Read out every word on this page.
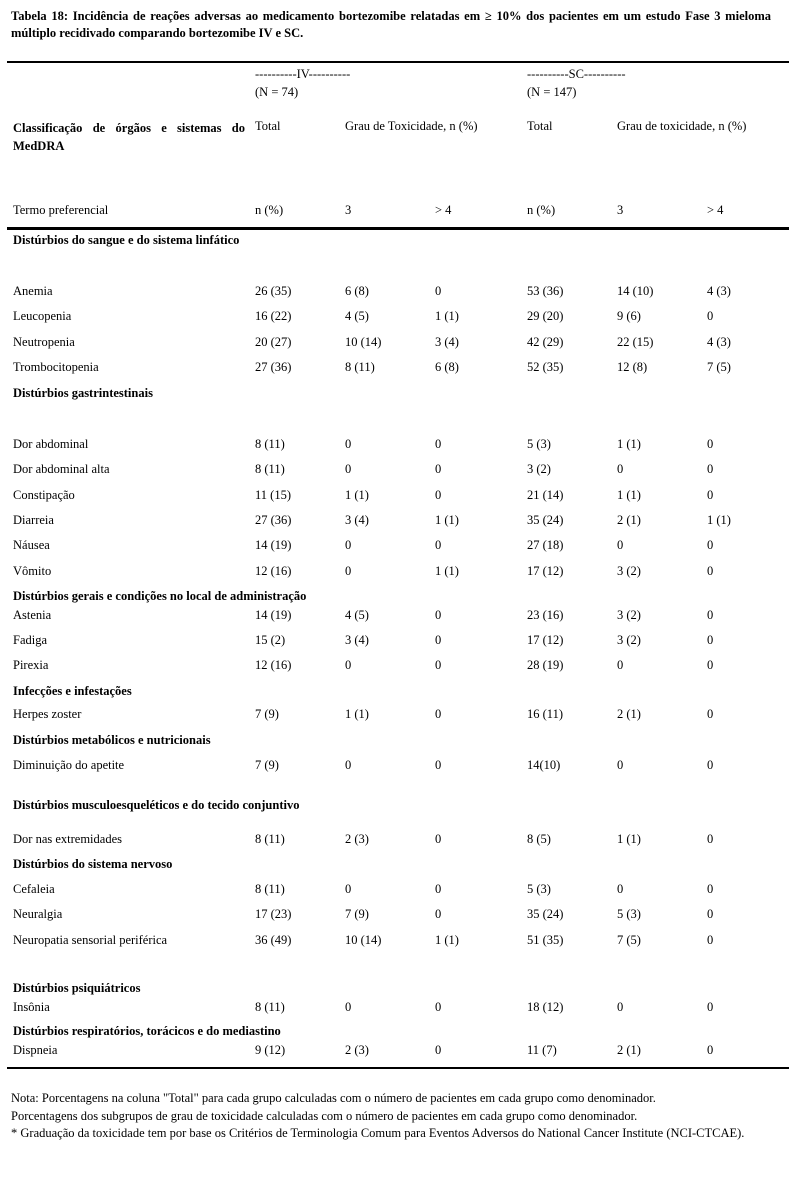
Tabela 18: Incidência de reações adversas ao medicamento bortezomibe relatadas em ≥ 10% dos pacientes em um estudo Fase 3 mieloma múltiplo recidivado comparando bortezomibe IV e SC.
----------IV----------
(N = 74)
----------SC----------
(N = 147)
Classificação de órgãos e sistemas do MedDRA
Total	Grau de Toxicidade, n (%)	Total	Grau de toxicidade, n (%)
Termo preferencial	n (%)	3	> 4	n (%)	3	> 4
Distúrbios do sangue e do sistema linfático
Anemia	26 (35)	6 (8)	0	53 (36)	14 (10)	4 (3)
Leucopenia	16 (22)	4 (5)	1 (1)	29 (20)	9 (6)	0
Neutropenia	20 (27)	10 (14)	3 (4)	42 (29)	22 (15)	4 (3)
Trombocitopenia	27 (36)	8 (11)	6 (8)	52 (35)	12 (8)	7 (5)
Distúrbios gastrintestinais
Dor abdominal	8 (11)	0	0	5 (3)	1 (1)	0
Dor abdominal alta	8 (11)	0	0	3 (2)	0	0
Constipação	11 (15)	1 (1)	0	21 (14)	1 (1)	0
Diarreia	27 (36)	3 (4)	1 (1)	35 (24)	2 (1)	1 (1)
Náusea	14 (19)	0	0	27 (18)	0	0
Vômito	12 (16)	0	1 (1)	17 (12)	3 (2)	0
Distúrbios gerais e condições no local de administração
Astenia	14 (19)	4 (5)	0	23 (16)	3 (2)	0
Fadiga	15 (2)	3 (4)	0	17 (12)	3 (2)	0
Pirexia	12 (16)	0	0	28 (19)	0	0
Infecções e infestações
Herpes zoster	7 (9)	1 (1)	0	16 (11)	2 (1)	0
Distúrbios metabólicos e nutricionais
Diminuição do apetite	7 (9)	0	0	14(10)	0	0
Distúrbios musculoesqueléticos e do tecido conjuntivo
Dor nas extremidades	8 (11)	2 (3)	0	8 (5)	1 (1)	0
Distúrbios do sistema nervoso
Cefaleia	8 (11)	0	0	5 (3)	0	0
Neuralgia	17 (23)	7 (9)	0	35 (24)	5 (3)	0
Neuropatia sensorial periférica	36 (49)	10 (14)	1 (1)	51 (35)	7 (5)	0
Distúrbios psiquiátricos
Insônia	8 (11)	0	0	18 (12)	0	0
Distúrbios respiratórios, torácicos e do mediastino
Dispneia	9 (12)	2 (3)	0	11 (7)	2 (1)	0
Nota: Porcentagens na coluna "Total" para cada grupo calculadas com o número de pacientes em cada grupo como denominador.
Porcentagens dos subgrupos de grau de toxicidade calculadas com o número de pacientes em cada grupo como denominador.
* Graduação da toxicidade tem por base os Critérios de Terminologia Comum para Eventos Adversos do National Cancer Institute (NCI-CTCAE).
